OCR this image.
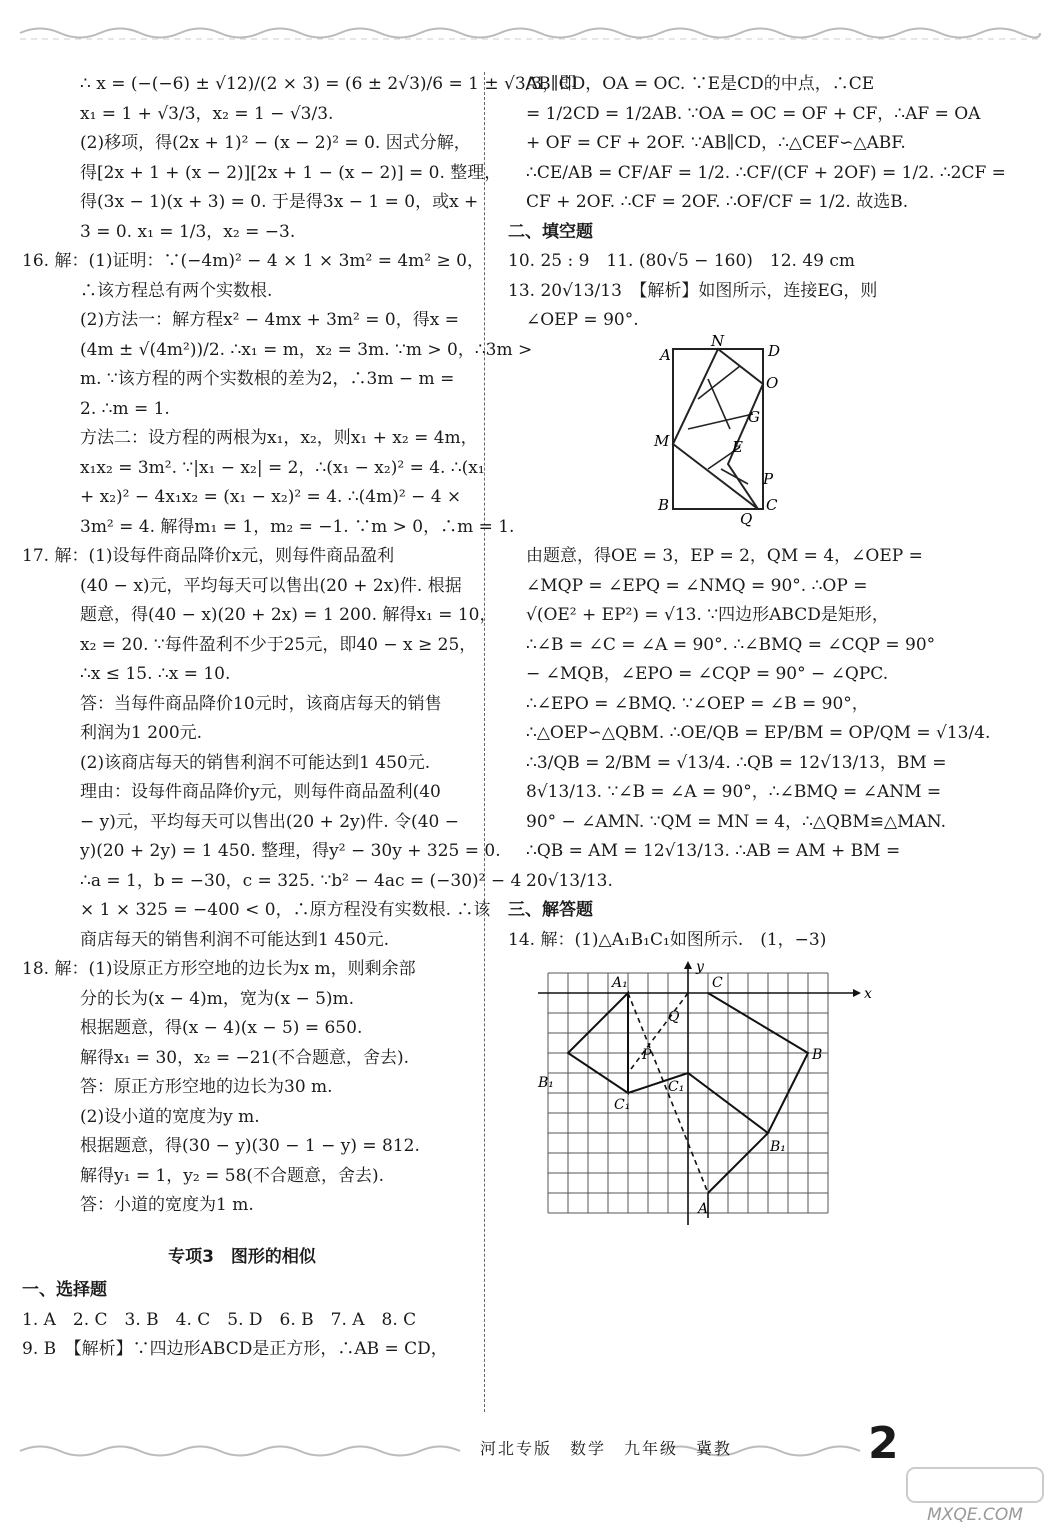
∴ x = (−(−6) ± √12)/(2 × 3) = (6 ± 2√3)/6 = 1 ± √3/3，即
x₁ = 1 + √3/3，x₂ = 1 − √3/3.
(2)移项，得(2x + 1)² − (x − 2)² = 0. 因式分解，
得[2x + 1 + (x − 2)][2x + 1 − (x − 2)] = 0. 整理，
得(3x − 1)(x + 3) = 0. 于是得3x − 1 = 0，或x +
3 = 0. x₁ = 1/3，x₂ = −3.
16. 解：(1)证明：∵(−4m)² − 4 × 1 × 3m² = 4m² ≥ 0，
∴该方程总有两个实数根.
(2)方法一：解方程x² − 4mx + 3m² = 0，得x =
(4m ± √(4m²))/2. ∴x₁ = m，x₂ = 3m. ∵m > 0，∴3m >
m. ∵该方程的两个实数根的差为2，∴3m − m =
2. ∴m = 1.
方法二：设方程的两根为x₁，x₂，则x₁ + x₂ = 4m，
x₁x₂ = 3m². ∵|x₁ − x₂| = 2，∴(x₁ − x₂)² = 4. ∴(x₁
+ x₂)² − 4x₁x₂ = (x₁ − x₂)² = 4. ∴(4m)² − 4 ×
3m² = 4. 解得m₁ = 1，m₂ = −1. ∵m > 0，∴m = 1.
17. 解：(1)设每件商品降价x元，则每件商品盈利
(40 − x)元，平均每天可以售出(20 + 2x)件. 根据
题意，得(40 − x)(20 + 2x) = 1 200. 解得x₁ = 10，
x₂ = 20. ∵每件盈利不少于25元，即40 − x ≥ 25，
∴x ≤ 15. ∴x = 10.
答：当每件商品降价10元时，该商店每天的销售
利润为1 200元.
(2)该商店每天的销售利润不可能达到1 450元.
理由：设每件商品降价y元，则每件商品盈利(40
− y)元，平均每天可以售出(20 + 2y)件. 令(40 −
y)(20 + 2y) = 1 450. 整理，得y² − 30y + 325 = 0.
∴a = 1，b = −30，c = 325. ∵b² − 4ac = (−30)² − 4
× 1 × 325 = −400 < 0，∴原方程没有实数根. ∴该
商店每天的销售利润不可能达到1 450元.
18. 解：(1)设原正方形空地的边长为x m，则剩余部
分的长为(x − 4)m，宽为(x − 5)m.
根据题意，得(x − 4)(x − 5) = 650.
解得x₁ = 30，x₂ = −21(不合题意，舍去).
答：原正方形空地的边长为30 m.
(2)设小道的宽度为y m.
根据题意，得(30 − y)(30 − 1 − y) = 812.
解得y₁ = 1，y₂ = 58(不合题意，舍去).
答：小道的宽度为1 m.
专项3　图形的相似
一、选择题
1. A　2. C　3. B　4. C　5. D　6. B　7. A　8. C
9. B　【解析】∵四边形ABCD是正方形，∴AB = CD，
AB∥CD，OA = OC. ∵E是CD的中点，∴CE
= 1/2CD = 1/2AB. ∵OA = OC = OF + CF，∴AF = OA
+ OF = CF + 2OF. ∵AB∥CD，∴△CEF∽△ABF.
∴CE/AB = CF/AF = 1/2. ∴CF/(CF + 2OF) = 1/2. ∴2CF =
CF + 2OF. ∴CF = 2OF. ∴OF/CF = 1/2. 故选B.
二、填空题
10. 25 : 9　11. (80√5 − 160)　12. 49 cm
13. 20√13/13　【解析】如图所示，连接EG，则
∠OEP = 90°.
A
N
D
O
G
M	E
P
B
Q
C
由题意，得OE = 3，EP = 2，QM = 4，∠OEP =
∠MQP = ∠EPQ = ∠NMQ = 90°. ∴OP =
√(OE² + EP²) = √13. ∵四边形ABCD是矩形，
∴∠B = ∠C = ∠A = 90°. ∴∠BMQ = ∠CQP = 90°
− ∠MQB，∠EPO = ∠CQP = 90° − ∠QPC.
∴∠EPO = ∠BMQ. ∵∠OEP = ∠B = 90°，
∴△OEP∽△QBM. ∴OE/QB = EP/BM = OP/QM = √13/4.
∴3/QB = 2/BM = √13/4. ∴QB = 12√13/13，BM =
8√13/13. ∵∠B = ∠A = 90°，∴∠BMQ = ∠ANM =
90° − ∠AMN. ∵QM = MN = 4，∴△QBM≌△MAN.
∴QB = AM = 12√13/13. ∴AB = AM + BM =
20√13/13.
三、解答题
14. 解：(1)△A₁B₁C₁如图所示.　(1，−3)
y
x
A₁	C
Q
P	B
B₁	C₁
C₁
B₁
A
河北专版　数学　九年级　冀教	2
MXQE.COM
